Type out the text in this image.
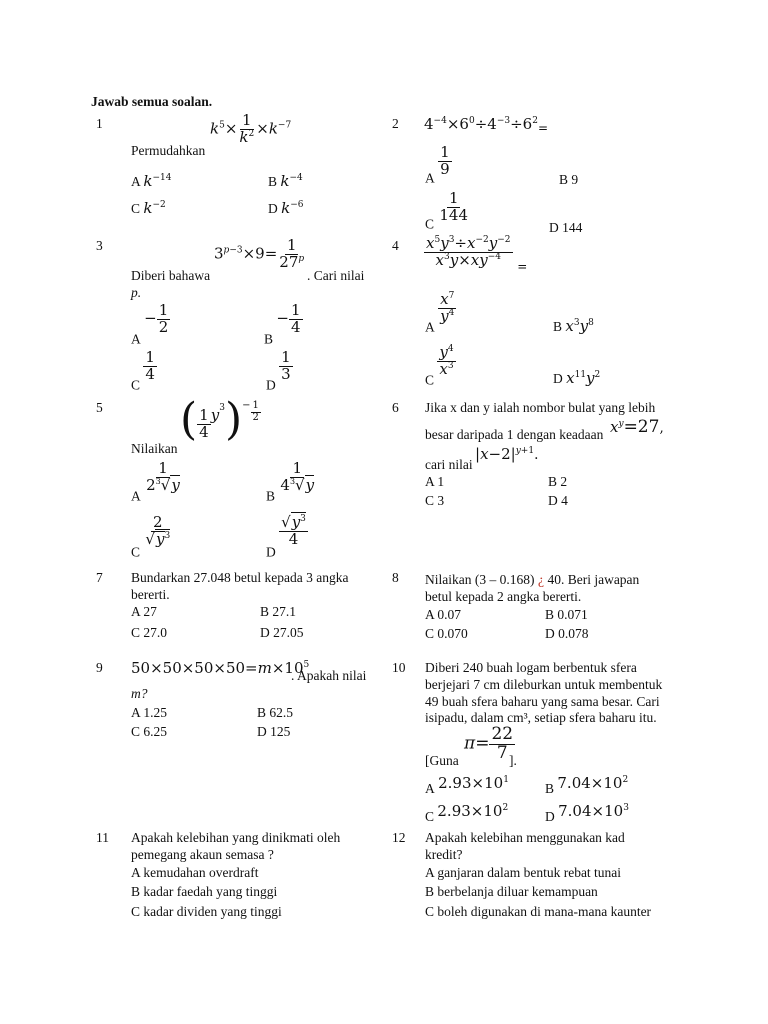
Jawab semua soalan.
1	$k^5\times \frac{1}{k^2} \times k^{-7}$
Permudahkan
A $k^{-14}$	B $k^{-4}$
C $k^{-2}$	D $k^{-6}$
2 $4^{-4}\times 6^0\div 4^{-3}\div 6^2_=$
A
$\frac{1}{9}$
B 9
C
$\frac{1}{144}$
D 144
3	$3^{p-3}\times 9= \frac{1}{27^p}$
Diberi bahawa	. Cari nilai
p.
$A - \frac{1}{2}$
$B - \frac{1}{4}$
C
$\frac{1}{4}$
D
$\frac{1}{3}$
$4 \frac{x^5y^3\div x^{-2}y^{-2}}{x^3y\times xy^{-4}} _=$
A
$\frac{x^7}{y^4}$
B $x^3y^8$
C
$\frac{y^4}{x^3}$
D $x^{11}y^2$
5 ( $\frac{1}{4} y^3) - \frac{1}{2}$
Nilaikan
A
$\frac{1}{2^3√y}$
B
$\frac{1}{4^3√y}$
C
$\frac{2}{√y^3}$
D
$\frac{√y^3}{4}$
6 Jika x dan y ialah nombor bulat yang lebih
besar daripada 1 dengan keadaan $x^y=27$,
cari nilai
$|x-2|^{y+1}$.
A 1	B 2
C 3	D 4
7 Bundarkan 27.048 betul kepada 3 angka
bererti.
A 27	B 27.1
C 27.0	D 27.05
8 Nilaikan (3 – 0.168) ¿ 40. Beri jawapan
betul kepada 2 angka bererti.
A 0.07	B 0.071
C 0.070	D 0.078
9 $50\times 50\times 50\times 50=m\times 10^5$
. Apakah nilai
m?
A 1.25	B 62.5
C 6.25	D 125
10 Diberi 240 buah logam berbentuk sfera
berjejari 7 cm dileburkan untuk membentuk
49 buah sfera baharu yang sama besar. Cari
isipadu, dalam cm³, setiap sfera baharu itu.
$\pi= \frac{22}{7}$
[Guna	].
A $2.93\times 10^1$
B $7.04\times 10^2$
C $2.93\times 10^2$
D $7.04\times 10^3$
11 Apakah kelebihan yang dinikmati oleh
pemegang akaun semasa ?
A kemudahan overdraft
B kadar faedah yang tinggi
C kadar dividen yang tinggi
12 Apakah kelebihan menggunakan kad
kredit?
A ganjaran dalam bentuk rebat tunai
B berbelanja diluar kemampuan
C boleh digunakan di mana-mana kaunter
